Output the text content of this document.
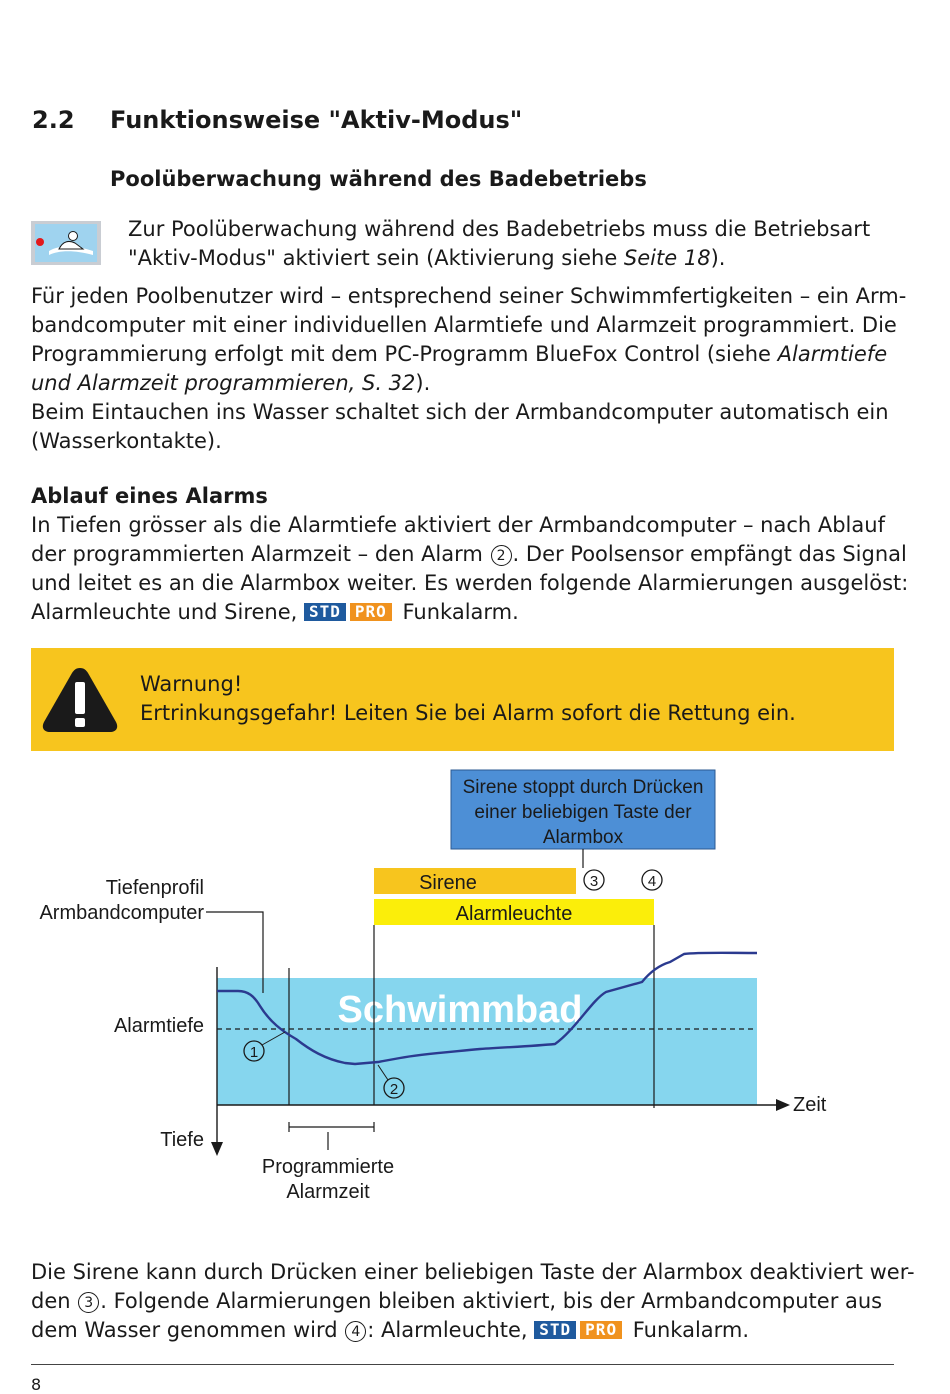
2.2 Funktionsweise "Aktiv-Modus"
Poolüberwachung während des Badebetriebs
Zur Poolüberwachung während des Badebetriebs muss die Betriebsart
"Aktiv-Modus" aktiviert sein (Aktivierung siehe Seite 18).
Für jeden Poolbenutzer wird – entsprechend seiner Schwimmfertigkeiten – ein Arm-
bandcomputer mit einer individuellen Alarmtiefe und Alarmzeit programmiert. Die
Programmierung erfolgt mit dem PC-Programm BlueFox Control (siehe Alarmtiefe
und Alarmzeit programmieren, S. 32).
Beim Eintauchen ins Wasser schaltet sich der Armbandcomputer automatisch ein
(Wasserkontakte).
Ablauf eines Alarms
In Tiefen grösser als die Alarmtiefe aktiviert der Armbandcomputer – nach Ablauf
der programmierten Alarmzeit – den Alarm 2 . Der Poolsensor empfängt das Signal
und leitet es an die Alarmbox weiter. Es werden folgende Alarmierungen ausgelöst:
Alarmleuchte und Sirene, STD PRO Funkalarm.
Warnung!
Ertrinkungsgefahr! Leiten Sie bei Alarm sofort die Rettung ein.
Schwimmbad
Sirene stoppt durch Drücken
einer beliebigen Taste der
Alarmbox
Sirene
Alarmleuchte
3	4
Tiefenprofil
Armbandcomputer
Alarmtiefe
Tiefe
Zeit
1
2
Programmierte
Alarmzeit
Die Sirene kann durch Drücken einer beliebigen Taste der Alarmbox deaktiviert wer-
den 3 . Folgende Alarmierungen bleiben aktiviert, bis der Armbandcomputer aus
dem Wasser genommen wird 4 : Alarmleuchte, STD PRO Funkalarm.
8
